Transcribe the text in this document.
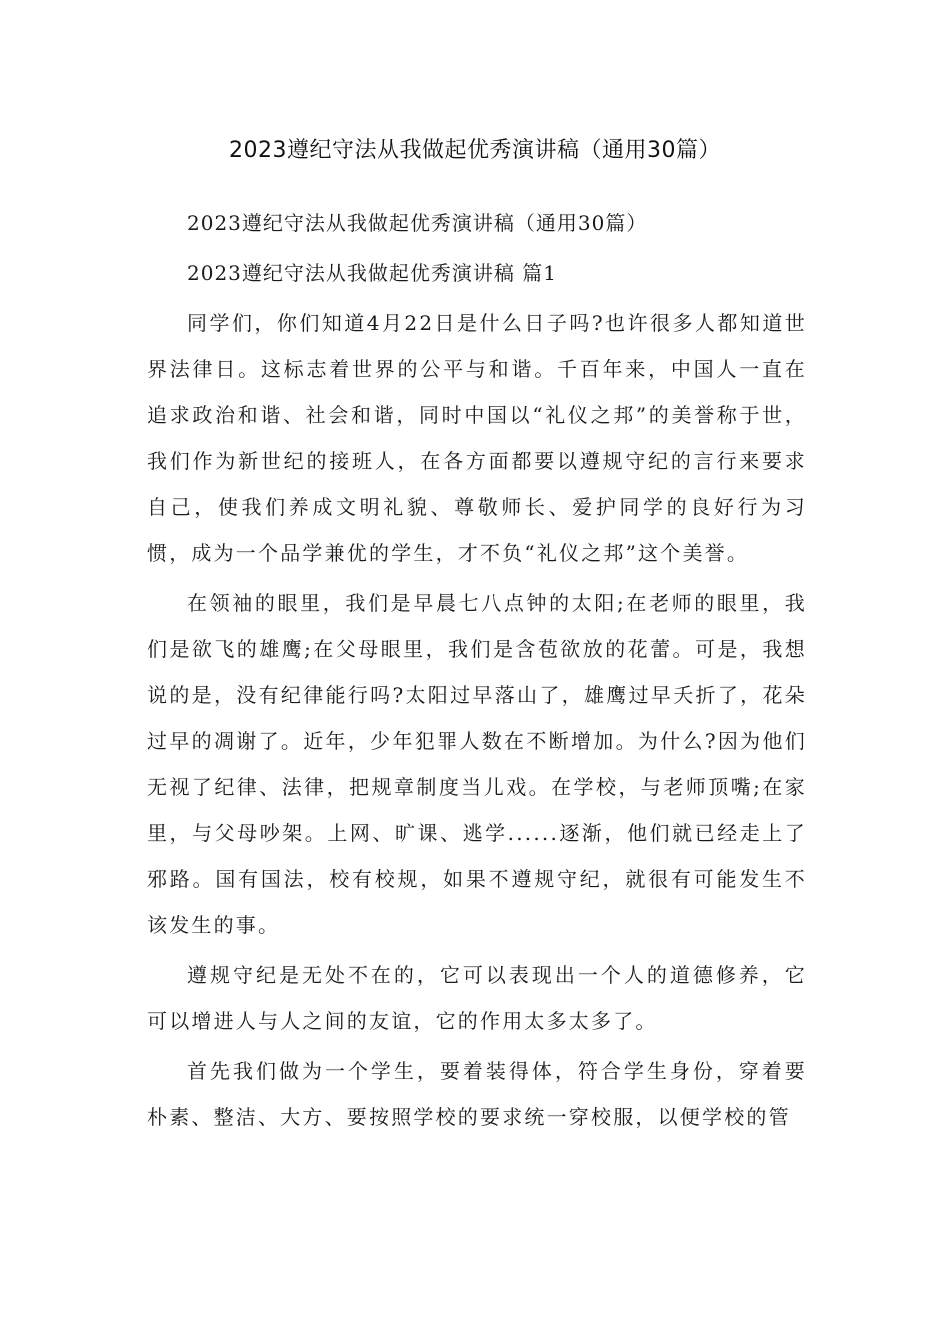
2023遵纪守法从我做起优秀演讲稿（通用30篇）

2023遵纪守法从我做起优秀演讲稿（通用30篇）

2023遵纪守法从我做起优秀演讲稿 篇1

同学们，你们知道4月22日是什么日子吗?也许很多人都知道世界法律日。这标志着世界的公平与和谐。千百年来，中国人一直在追求政治和谐、社会和谐，同时中国以“礼仪之邦”的美誉称于世，我们作为新世纪的接班人，在各方面都要以遵规守纪的言行来要求自己，使我们养成文明礼貌、尊敬师长、爱护同学的良好行为习惯，成为一个品学兼优的学生，才不负“礼仪之邦”这个美誉。

在领袖的眼里，我们是早晨七八点钟的太阳;在老师的眼里，我们是欲飞的雄鹰;在父母眼里，我们是含苞欲放的花蕾。可是，我想说的是，没有纪律能行吗?太阳过早落山了，雄鹰过早夭折了，花朵过早的凋谢了。近年，少年犯罪人数在不断增加。为什么?因为他们无视了纪律、法律，把规章制度当儿戏。在学校，与老师顶嘴;在家里，与父母吵架。上网、旷课、逃学......逐渐，他们就已经走上了邪路。国有国法，校有校规，如果不遵规守纪，就很有可能发生不该发生的事。

遵规守纪是无处不在的，它可以表现出一个人的道德修养，它可以增进人与人之间的友谊，它的作用太多太多了。

首先我们做为一个学生，要着装得体，符合学生身份，穿着要朴素、整洁、大方、要按照学校的要求统一穿校服，以便学校的管
